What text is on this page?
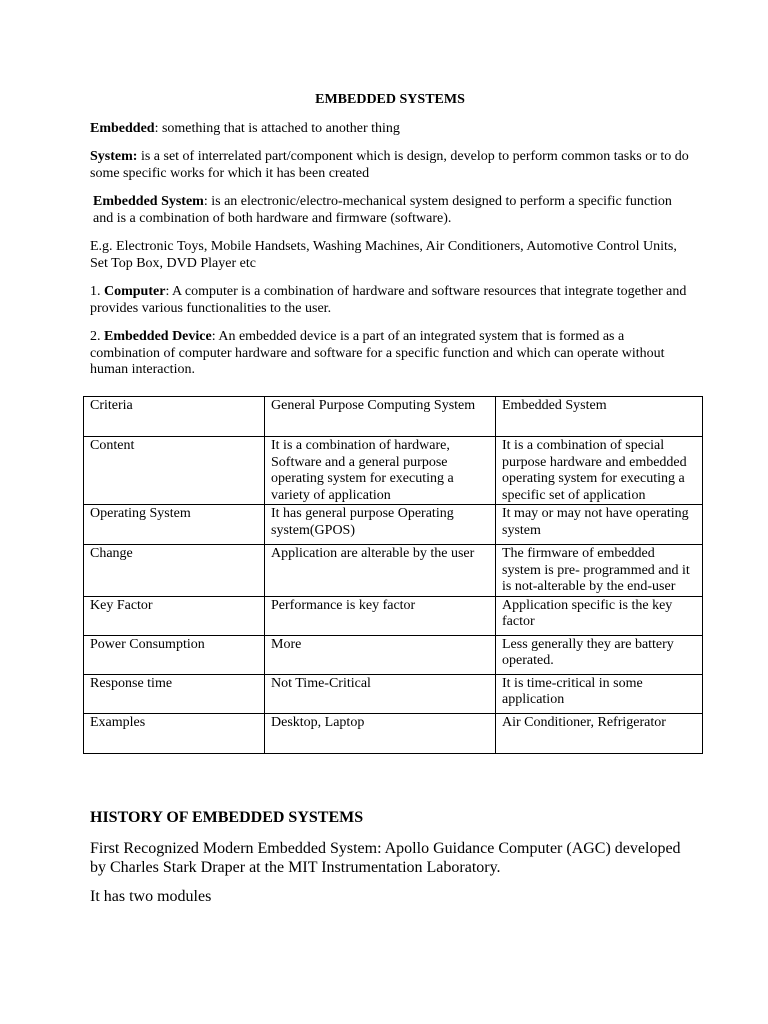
EMBEDDED SYSTEMS

Embedded: something that is attached to another thing

System: is a set of interrelated part/component which is design, develop to perform common tasks or to do some specific works for which it has been created

Embedded System: is an electronic/electro-mechanical system designed to perform a specific function and is a combination of both hardware and firmware (software).

E.g. Electronic Toys, Mobile Handsets, Washing Machines, Air Conditioners, Automotive Control Units, Set Top Box, DVD Player etc

1. Computer: A computer is a combination of hardware and software resources that integrate together and provides various functionalities to the user.

2. Embedded Device: An embedded device is a part of an integrated system that is formed as a combination of computer hardware and software for a specific function and which can operate without human interaction.

Criteria	General Purpose Computing System	Embedded System
Content	It is a combination of hardware, Software and a general purpose operating system for executing a variety of application	It is a combination of special purpose hardware and embedded operating system for executing a specific set of application
Operating System	It has general purpose Operating system(GPOS)	It may or may not have operating system
Change	Application are alterable by the user	The firmware of embedded system is pre- programmed and it is not-alterable by the end-user
Key Factor	Performance is key factor	Application specific is the key factor
Power Consumption	More	Less generally they are battery operated.
Response time	Not Time-Critical	It is time-critical in some application
Examples	Desktop, Laptop	Air Conditioner, Refrigerator
HISTORY OF EMBEDDED SYSTEMS

First Recognized Modern Embedded System: Apollo Guidance Computer (AGC) developed by Charles Stark Draper at the MIT Instrumentation Laboratory.

It has two modules
